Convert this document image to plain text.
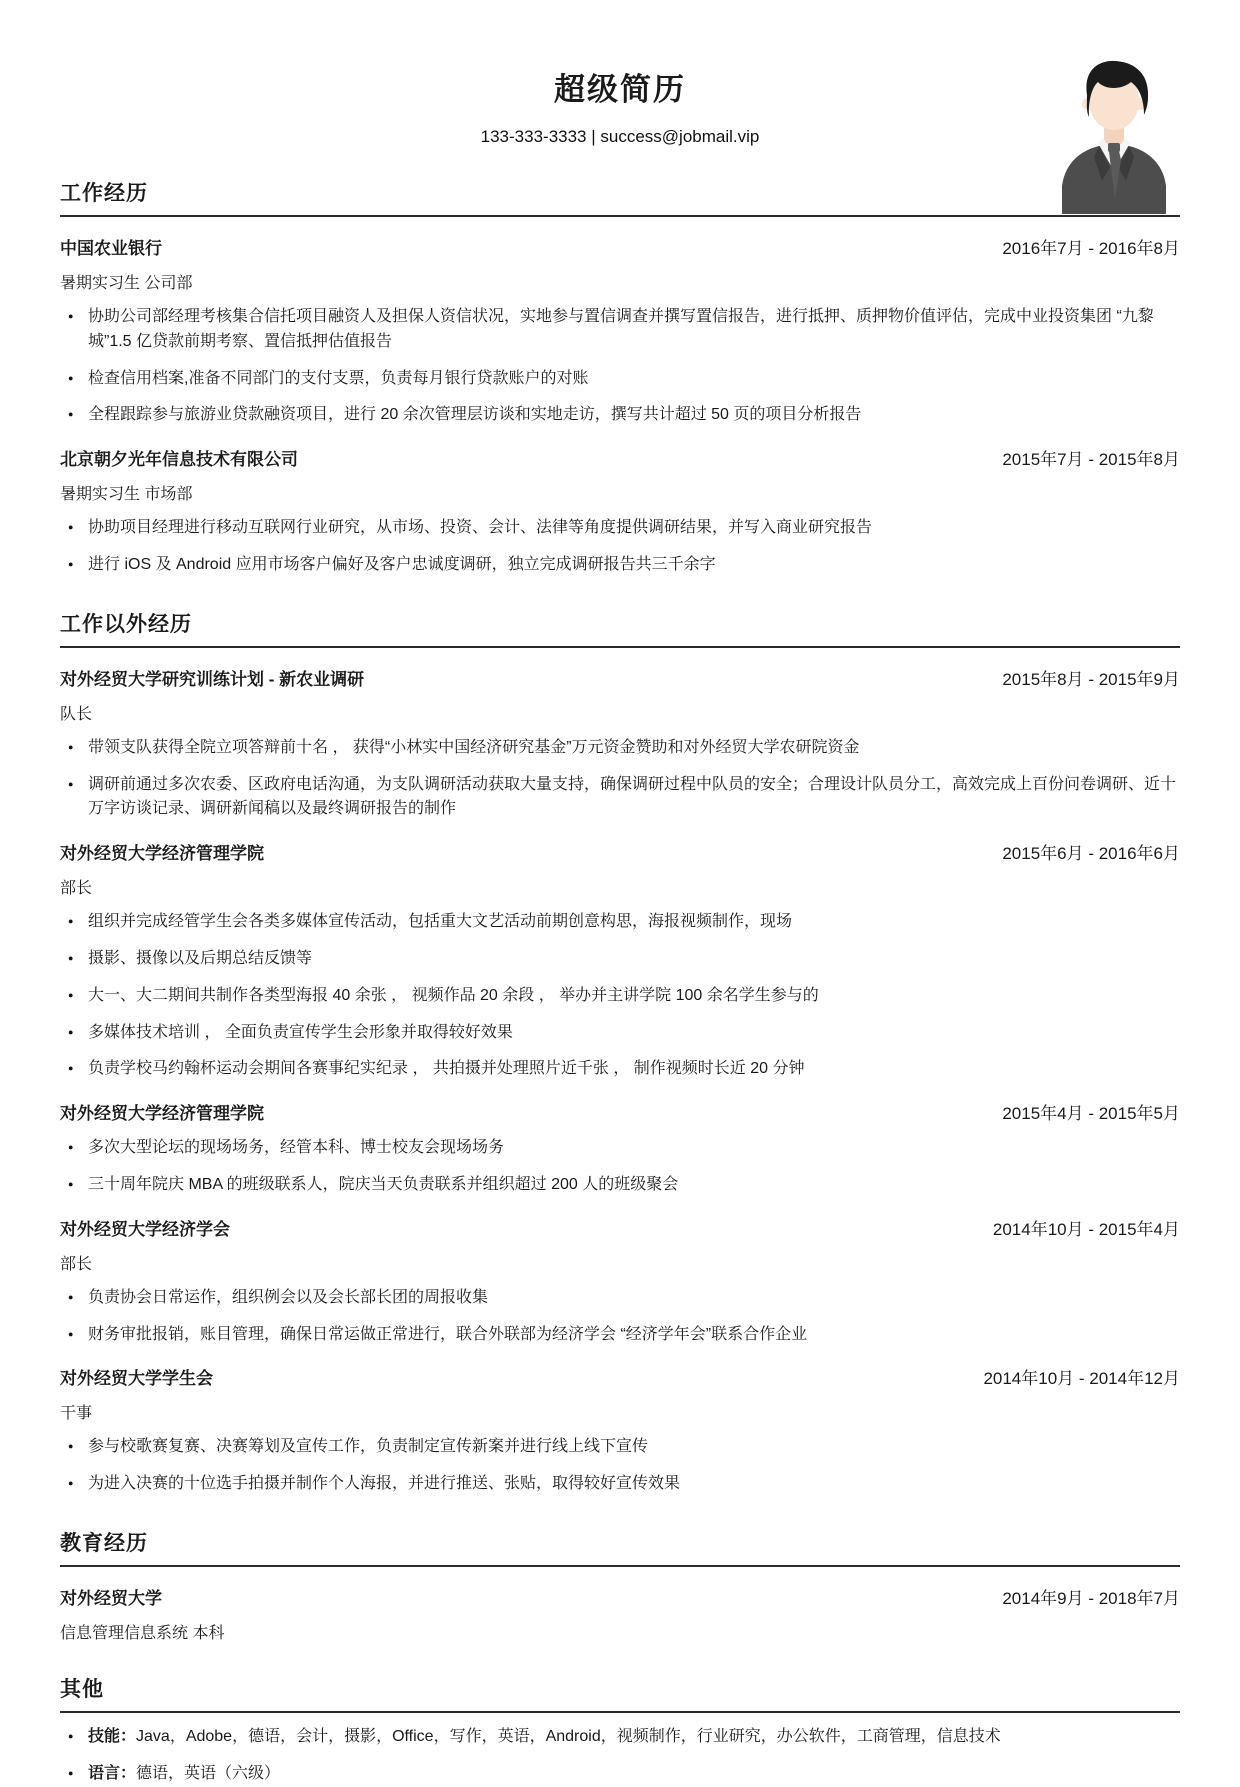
超级简历
133-333-3333 | success@jobmail.vip
工作经历
中国农业银行	2016年7月 - 2016年8月
暑期实习生 公司部
● 协助公司部经理考核集合信托项目融资人及担保人资信状况，实地参与置信调查并撰写置信报告，进行抵押、质押物价值评估，完成中业投资集团 “九黎城”1.5 亿贷款前期考察、置信抵押估值报告
● 检查信用档案,准备不同部门的支付支票，负责每月银行贷款账户的对账
● 全程跟踪参与旅游业贷款融资项目，进行 20 余次管理层访谈和实地走访，撰写共计超过 50 页的项目分析报告
北京朝夕光年信息技术有限公司	2015年7月 - 2015年8月
暑期实习生 市场部
● 协助项目经理进行移动互联网行业研究，从市场、投资、会计、法律等角度提供调研结果，并写入商业研究报告
● 进行 iOS 及 Android 应用市场客户偏好及客户忠诚度调研，独立完成调研报告共三千余字
工作以外经历
对外经贸大学研究训练计划 - 新农业调研	2015年8月 - 2015年9月
队长
● 带领支队获得全院立项答辩前十名 ， 获得“小林实中国经济研究基金”万元资金赞助和对外经贸大学农研院资金
● 调研前通过多次农委、区政府电话沟通，为支队调研活动获取大量支持，确保调研过程中队员的安全；合理设计队员分工，高效完成上百份问卷调研、近十万字访谈记录、调研新闻稿以及最终调研报告的制作
对外经贸大学经济管理学院	2015年6月 - 2016年6月
部长
● 组织并完成经管学生会各类多媒体宣传活动，包括重大文艺活动前期创意构思，海报视频制作，现场
● 摄影、摄像以及后期总结反馈等
● 大一、大二期间共制作各类型海报 40 余张 ， 视频作品 20 余段 ， 举办并主讲学院 100 余名学生参与的
● 多媒体技术培训 ， 全面负责宣传学生会形象并取得较好效果
● 负责学校马约翰杯运动会期间各赛事纪实纪录 ， 共拍摄并处理照片近千张 ， 制作视频时长近 20 分钟
对外经贸大学经济管理学院	2015年4月 - 2015年5月
● 多次大型论坛的现场场务，经管本科、博士校友会现场场务
● 三十周年院庆 MBA 的班级联系人，院庆当天负责联系并组织超过 200 人的班级聚会
对外经贸大学经济学会	2014年10月 - 2015年4月
部长
● 负责协会日常运作，组织例会以及会长部长团的周报收集
● 财务审批报销，账目管理，确保日常运做正常进行，联合外联部为经济学会 “经济学年会”联系合作企业
对外经贸大学学生会	2014年10月 - 2014年12月
干事
● 参与校歌赛复赛、决赛筹划及宣传工作，负责制定宣传新案并进行线上线下宣传
● 为进入决赛的十位选手拍摄并制作个人海报，并进行推送、张贴，取得较好宣传效果
教育经历
对外经贸大学	2014年9月 - 2018年7月
信息管理信息系统 本科
其他
● 技能：Java，Adobe，德语，会计，摄影，Office，写作，英语，Android，视频制作，行业研究，办公软件，工商管理，信息技术
● 语言：德语，英语（六级）
